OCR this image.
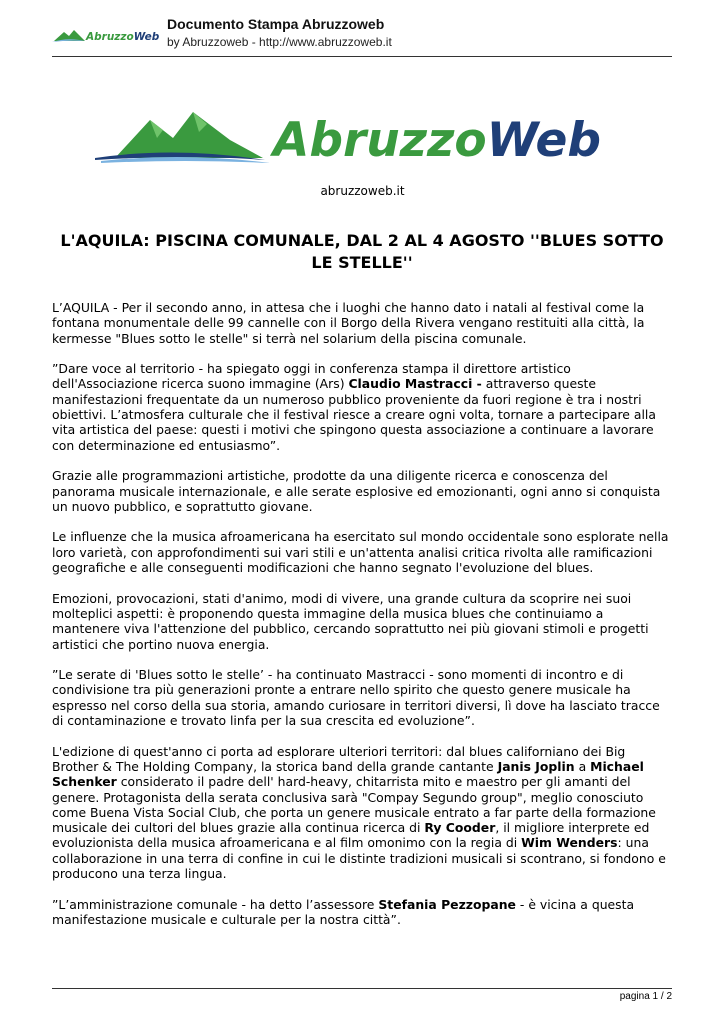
AbruzzoWeb
Documento Stampa Abruzzoweb
by Abruzzoweb - http://www.abruzzoweb.it
AbruzzoWeb
abruzzoweb.it
L'AQUILA: PISCINA COMUNALE, DAL 2 AL 4 AGOSTO ''BLUES SOTTO LE STELLE''

L’AQUILA - Per il secondo anno, in attesa che i luoghi che hanno dato i natali al festival come la fontana monumentale delle 99 cannelle con il Borgo della Rivera vengano restituiti alla città, la kermesse "Blues sotto le stelle" si terrà nel solarium della piscina comunale.

”Dare voce al territorio - ha spiegato oggi in conferenza stampa il direttore artistico dell'Associazione ricerca suono immagine (Ars) Claudio Mastracci - attraverso queste manifestazioni frequentate da un numeroso pubblico proveniente da fuori regione è tra i nostri obiettivi. L’atmosfera culturale che il festival riesce a creare ogni volta, tornare a partecipare alla vita artistica del paese: questi i motivi che spingono questa associazione a continuare a lavorare con determinazione ed entusiasmo”.

Grazie alle programmazioni artistiche, prodotte da una diligente ricerca e conoscenza del panorama musicale internazionale, e alle serate esplosive ed emozionanti, ogni anno si conquista un nuovo pubblico, e soprattutto giovane.

Le influenze che la musica afroamericana ha esercitato sul mondo occidentale sono esplorate nella loro varietà, con approfondimenti sui vari stili e un'attenta analisi critica rivolta alle ramificazioni geografiche e alle conseguenti modificazioni che hanno segnato l'evoluzione del blues.

Emozioni, provocazioni, stati d'animo, modi di vivere, una grande cultura da scoprire nei suoi molteplici aspetti: è proponendo questa immagine della musica blues che continuiamo a mantenere viva l'attenzione del pubblico, cercando soprattutto nei più giovani stimoli e progetti artistici che portino nuova energia.

”Le serate di 'Blues sotto le stelle’ - ha continuato Mastracci - sono momenti di incontro e di condivisione tra più generazioni pronte a entrare nello spirito che questo genere musicale ha espresso nel corso della sua storia, amando curiosare in territori diversi, lì dove ha lasciato tracce di contaminazione e trovato linfa per la sua crescita ed evoluzione”.

L'edizione di quest'anno ci porta ad esplorare ulteriori territori: dal blues californiano dei Big Brother & The Holding Company, la storica band della grande cantante Janis Joplin a Michael Schenker considerato il padre dell' hard-heavy, chitarrista mito e maestro per gli amanti del genere. Protagonista della serata conclusiva sarà "Compay Segundo group", meglio conosciuto come Buena Vista Social Club, che porta un genere musicale entrato a far parte della formazione musicale dei cultori del blues grazie alla continua ricerca di Ry Cooder, il migliore interprete ed evoluzionista della musica afroamericana e al film omonimo con la regia di Wim Wenders: una collaborazione in una terra di confine in cui le distinte tradizioni musicali si scontrano, si fondono e producono una terza lingua.

”L’amministrazione comunale - ha detto l’assessore Stefania Pezzopane - è vicina a questa manifestazione musicale e culturale per la nostra città”.

pagina 1 / 2
